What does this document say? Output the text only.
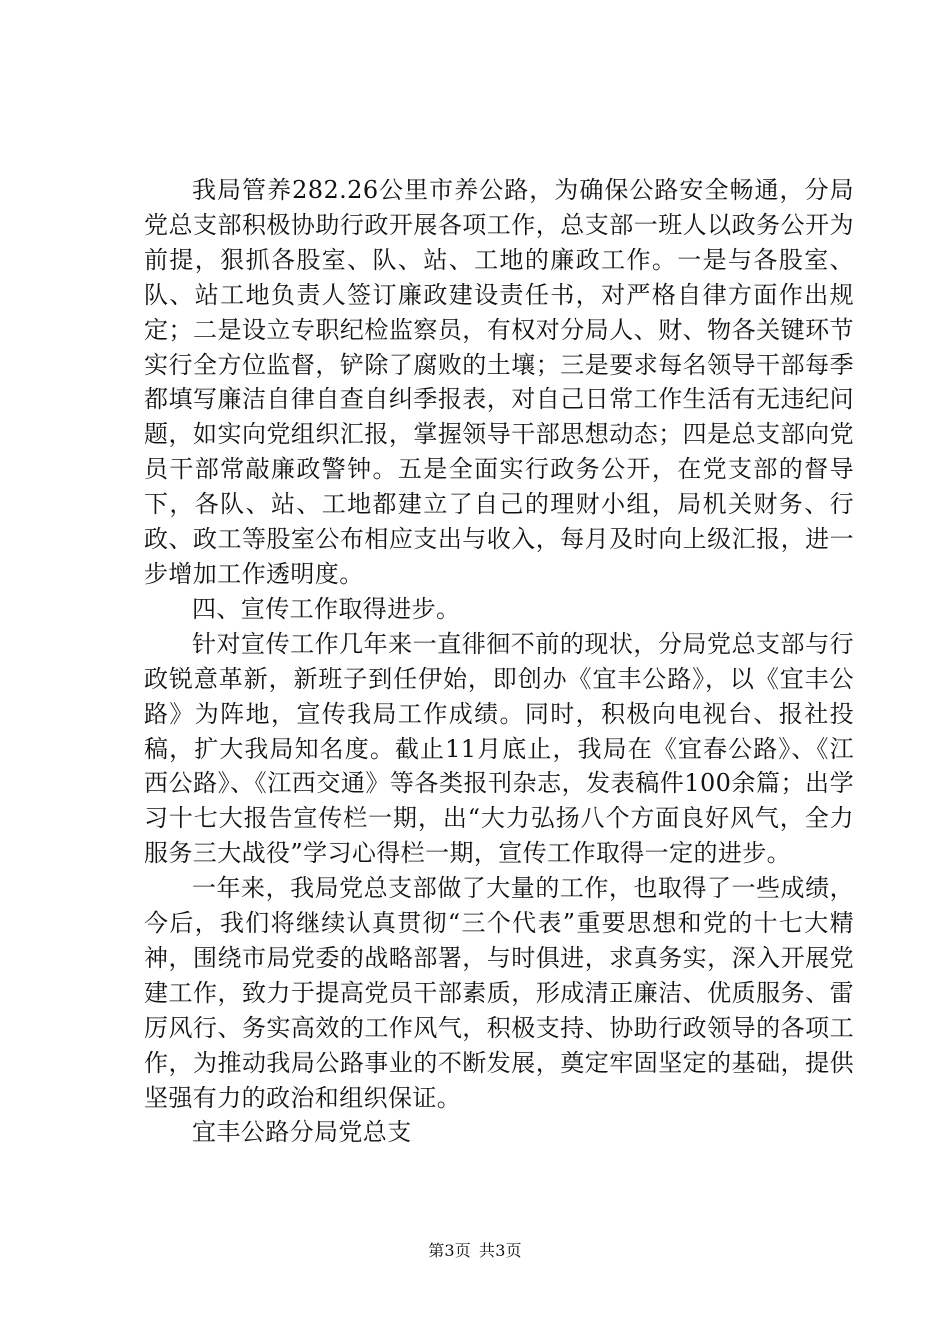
我局管养282.26公里市养公路，为确保公路安全畅通，分局党总支部积极协助行政开展各项工作，总支部一班人以政务公开为前提，狠抓各股室、队、站、工地的廉政工作。一是与各股室、队、站工地负责人签订廉政建设责任书，对严格自律方面作出规定；二是设立专职纪检监察员，有权对分局人、财、物各关键环节实行全方位监督，铲除了腐败的土壤；三是要求每名领导干部每季都填写廉洁自律自查自纠季报表，对自己日常工作生活有无违纪问题，如实向党组织汇报，掌握领导干部思想动态；四是总支部向党员干部常敲廉政警钟。五是全面实行政务公开，在党支部的督导下，各队、站、工地都建立了自己的理财小组，局机关财务、行政、政工等股室公布相应支出与收入，每月及时向上级汇报，进一步增加工作透明度。

四、宣传工作取得进步。

针对宣传工作几年来一直徘徊不前的现状，分局党总支部与行政锐意革新，新班子到任伊始，即创办《宜丰公路》，以《宜丰公路》为阵地，宣传我局工作成绩。同时，积极向电视台、报社投稿，扩大我局知名度。截止11月底止，我局在《宜春公路》、《江西公路》、《江西交通》等各类报刊杂志，发表稿件100余篇；出学习十七大报告宣传栏一期，出“大力弘扬八个方面良好风气，全力服务三大战役”学习心得栏一期，宣传工作取得一定的进步。

一年来，我局党总支部做了大量的工作，也取得了一些成绩，今后，我们将继续认真贯彻“三个代表”重要思想和党的十七大精神，围绕市局党委的战略部署，与时俱进，求真务实，深入开展党建工作，致力于提高党员干部素质，形成清正廉洁、优质服务、雷厉风行、务实高效的工作风气，积极支持、协助行政领导的各项工作，为推动我局公路事业的不断发展，奠定牢固坚定的基础，提供坚强有力的政治和组织保证。

宜丰公路分局党总支

第3页 共3页
